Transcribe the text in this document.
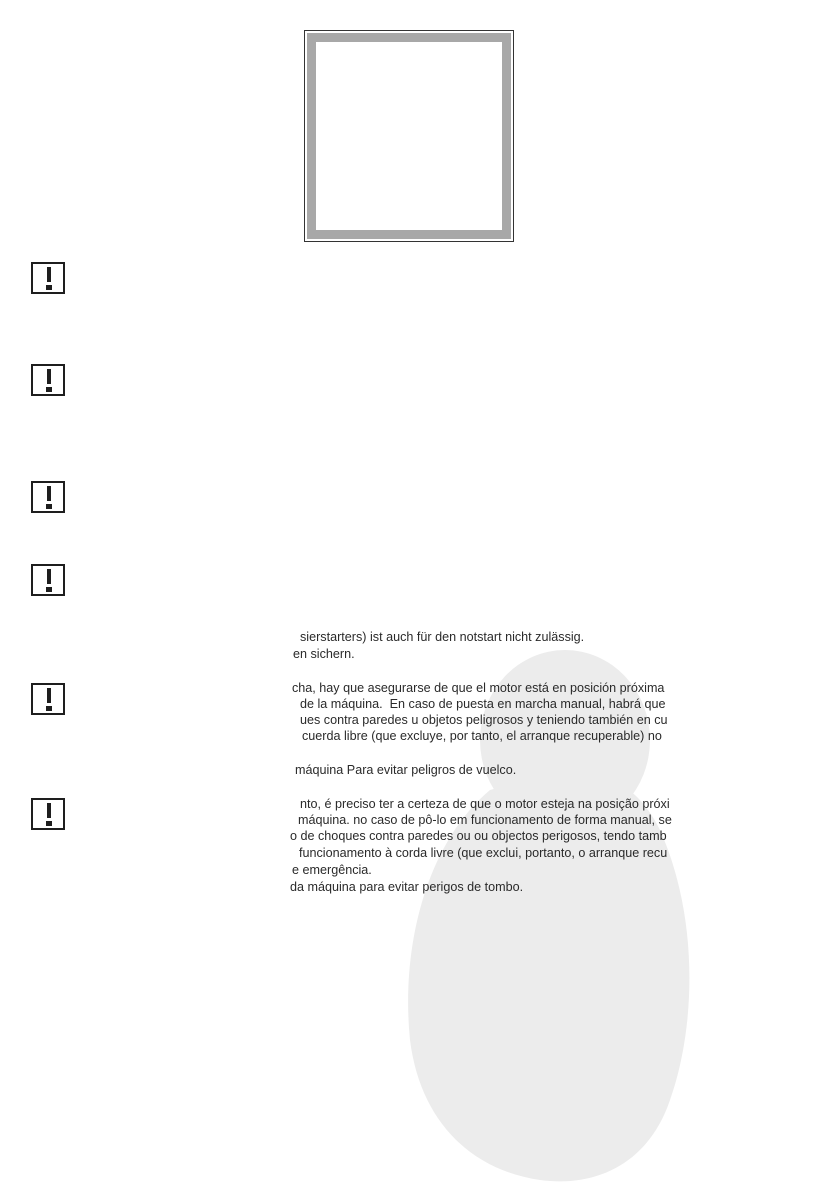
sierstarters) ist auch für den notstart nicht zulässig.
en sichern.
cha, hay que asegurarse de que el motor está en posición próxima
de la máquina.  En caso de puesta en marcha manual, habrá que
ues contra paredes u objetos peligrosos y teniendo también en cu
cuerda libre (que excluye, por tanto, el arranque recuperable) no
máquina Para evitar peligros de vuelco.
nto, é preciso ter a certeza de que o motor esteja na posição próxi
máquina. no caso de pô-lo em funcionamento de forma manual, se
o de choques contra paredes ou ou objectos perigosos, tendo tamb
funcionamento à corda livre (que exclui, portanto, o arranque recu
e emergência.
da máquina para evitar perigos de tombo.
